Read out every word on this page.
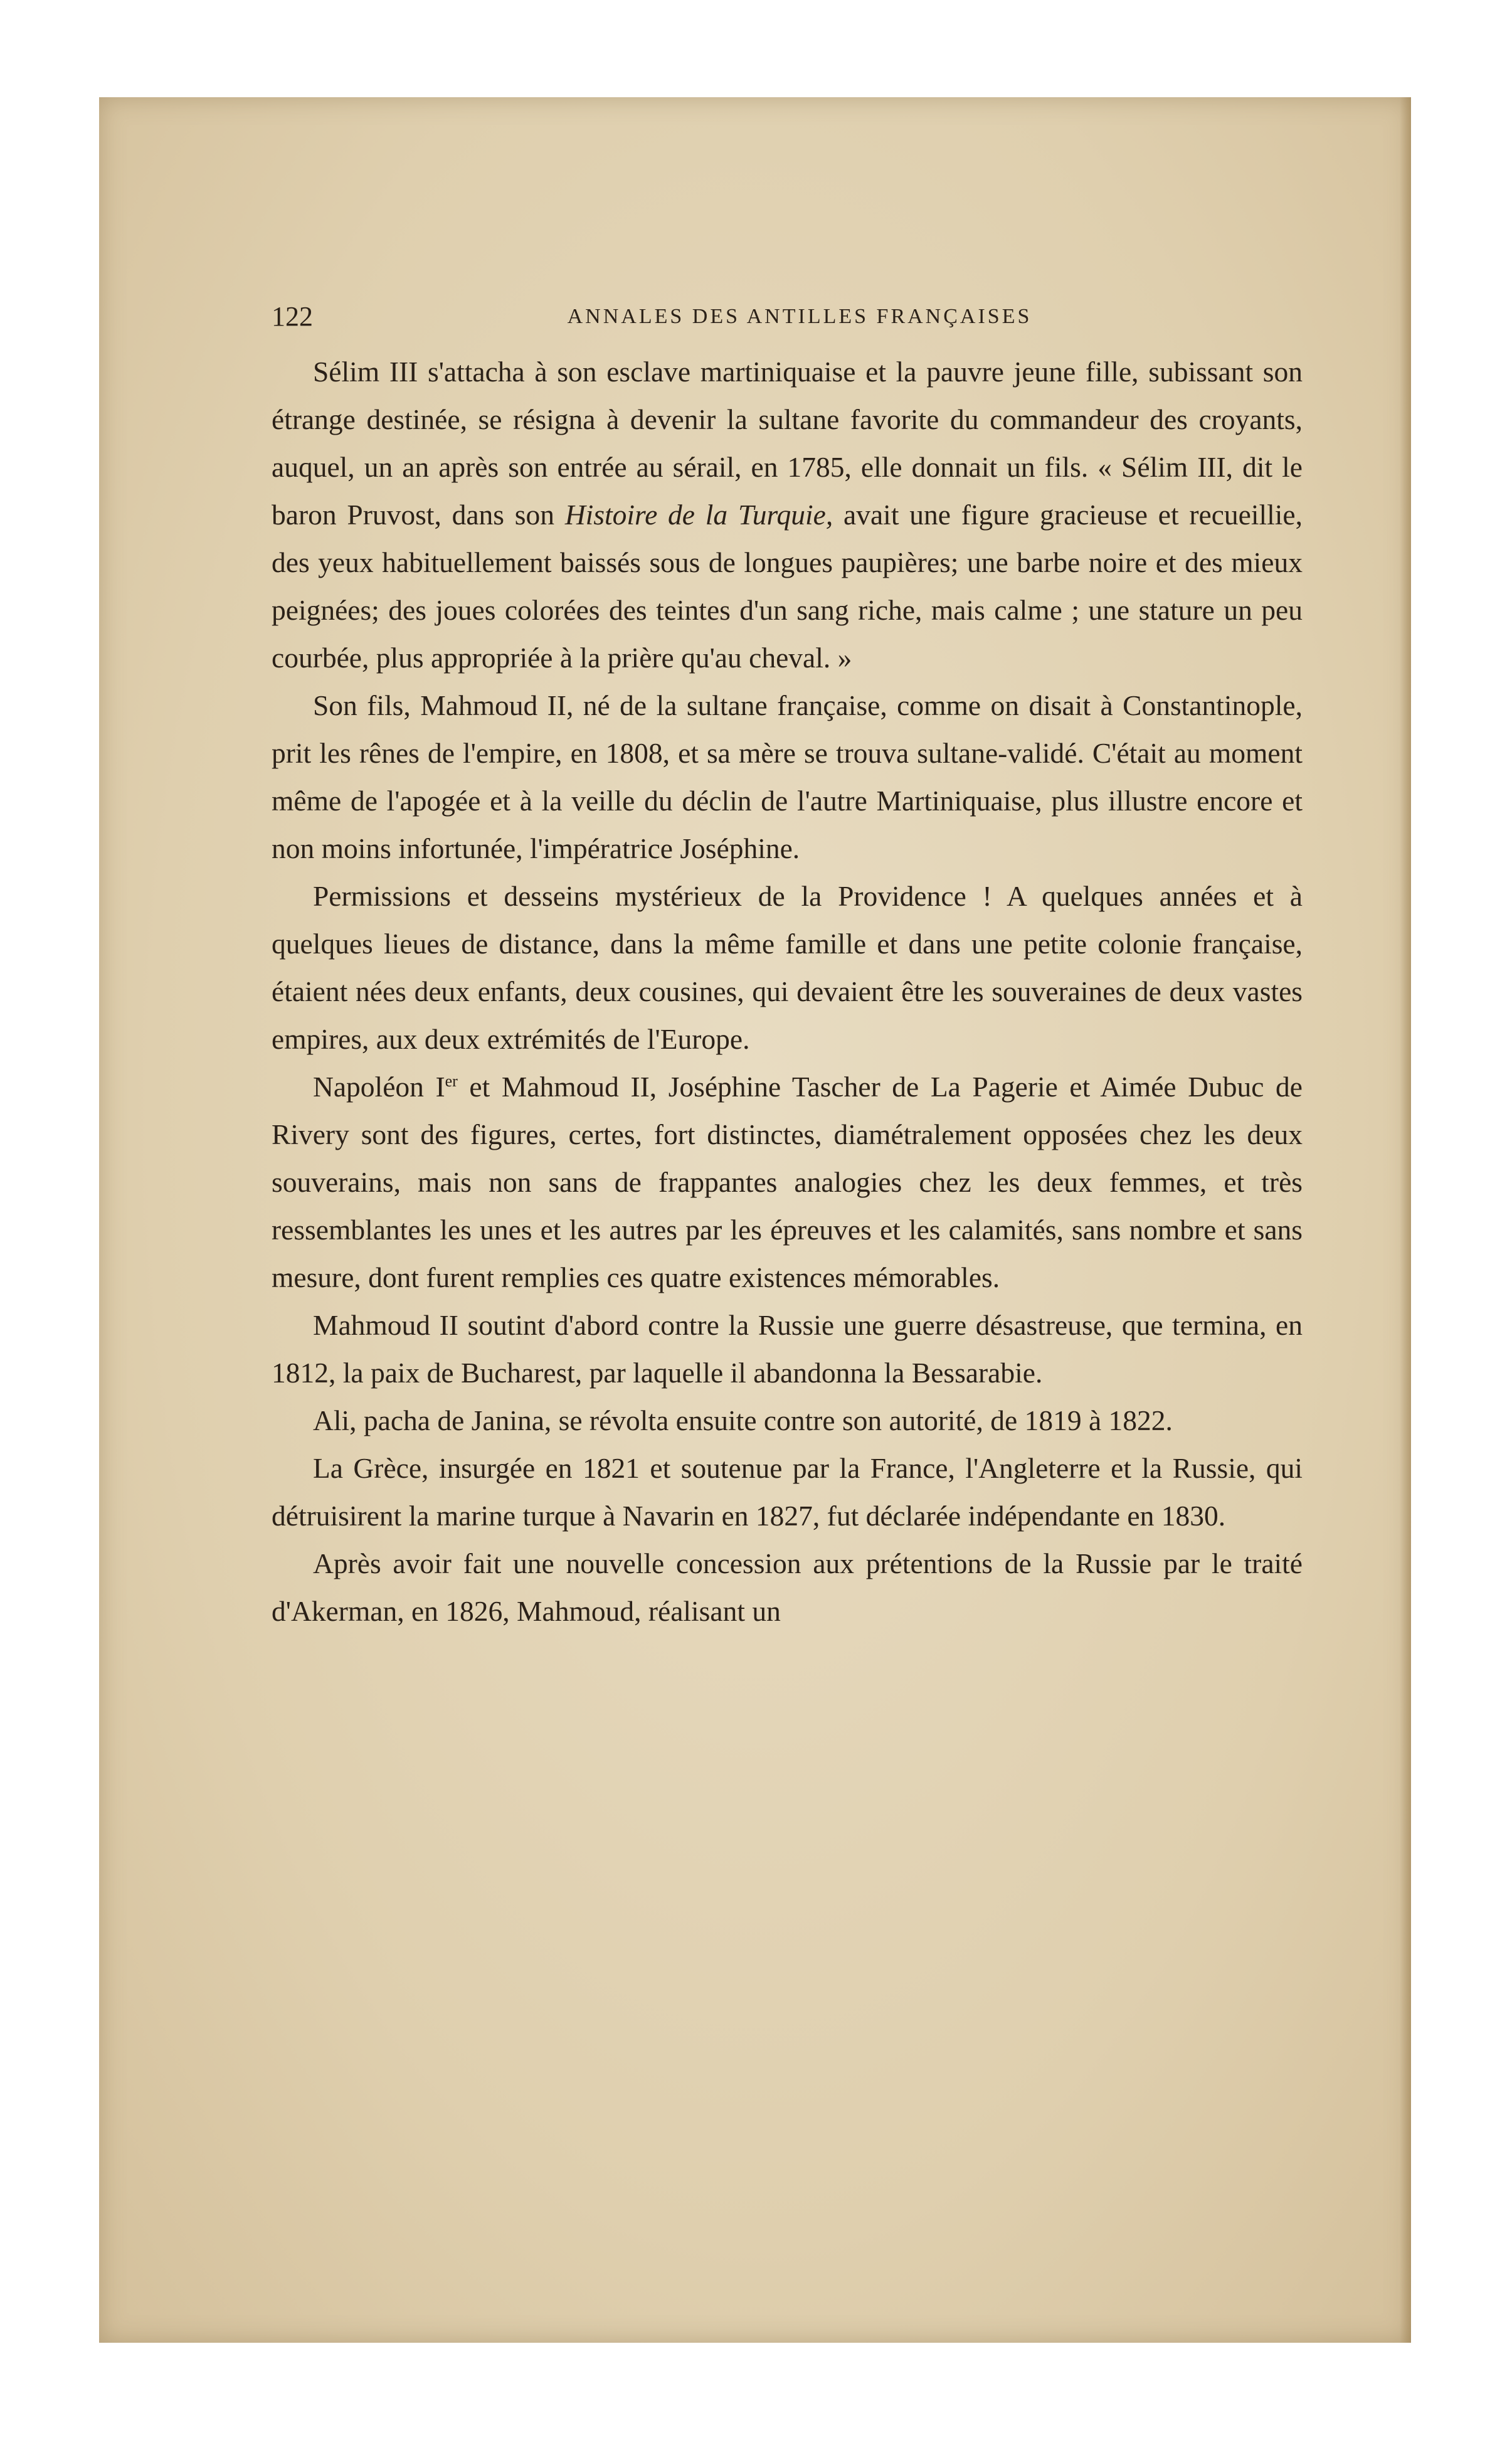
122	ANNALES DES ANTILLES FRANÇAISES

Sélim III s'attacha à son esclave martiniquaise et la pauvre jeune fille, subissant son étrange destinée, se résigna à devenir la sultane favorite du commandeur des croyants, auquel, un an après son entrée au sérail, en 1785, elle donnait un fils. « Sélim III, dit le baron Pruvost, dans son Histoire de la Turquie, avait une figure gracieuse et recueillie, des yeux habituellement baissés sous de longues paupières; une barbe noire et des mieux peignées; des joues colorées des teintes d'un sang riche, mais calme ; une stature un peu courbée, plus appropriée à la prière qu'au cheval. »

Son fils, Mahmoud II, né de la sultane française, comme on disait à Constantinople, prit les rênes de l'empire, en 1808, et sa mère se trouva sultane-validé. C'était au moment même de l'apogée et à la veille du déclin de l'autre Martiniquaise, plus illustre encore et non moins infortunée, l'impératrice Joséphine.

Permissions et desseins mystérieux de la Providence ! A quelques années et à quelques lieues de distance, dans la même famille et dans une petite colonie française, étaient nées deux enfants, deux cousines, qui devaient être les souveraines de deux vastes empires, aux deux extrémités de l'Europe.

Napoléon Ier et Mahmoud II, Joséphine Tascher de La Pagerie et Aimée Dubuc de Rivery sont des figures, certes, fort distinctes, diamétralement opposées chez les deux souverains, mais non sans de frappantes analogies chez les deux femmes, et très ressemblantes les unes et les autres par les épreuves et les calamités, sans nombre et sans mesure, dont furent remplies ces quatre existences mémorables.

Mahmoud II soutint d'abord contre la Russie une guerre désastreuse, que termina, en 1812, la paix de Bucharest, par laquelle il abandonna la Bessarabie.

Ali, pacha de Janina, se révolta ensuite contre son autorité, de 1819 à 1822.

La Grèce, insurgée en 1821 et soutenue par la France, l'Angleterre et la Russie, qui détruisirent la marine turque à Navarin en 1827, fut déclarée indépendante en 1830.

Après avoir fait une nouvelle concession aux prétentions de la Russie par le traité d'Akerman, en 1826, Mahmoud, réalisant un
